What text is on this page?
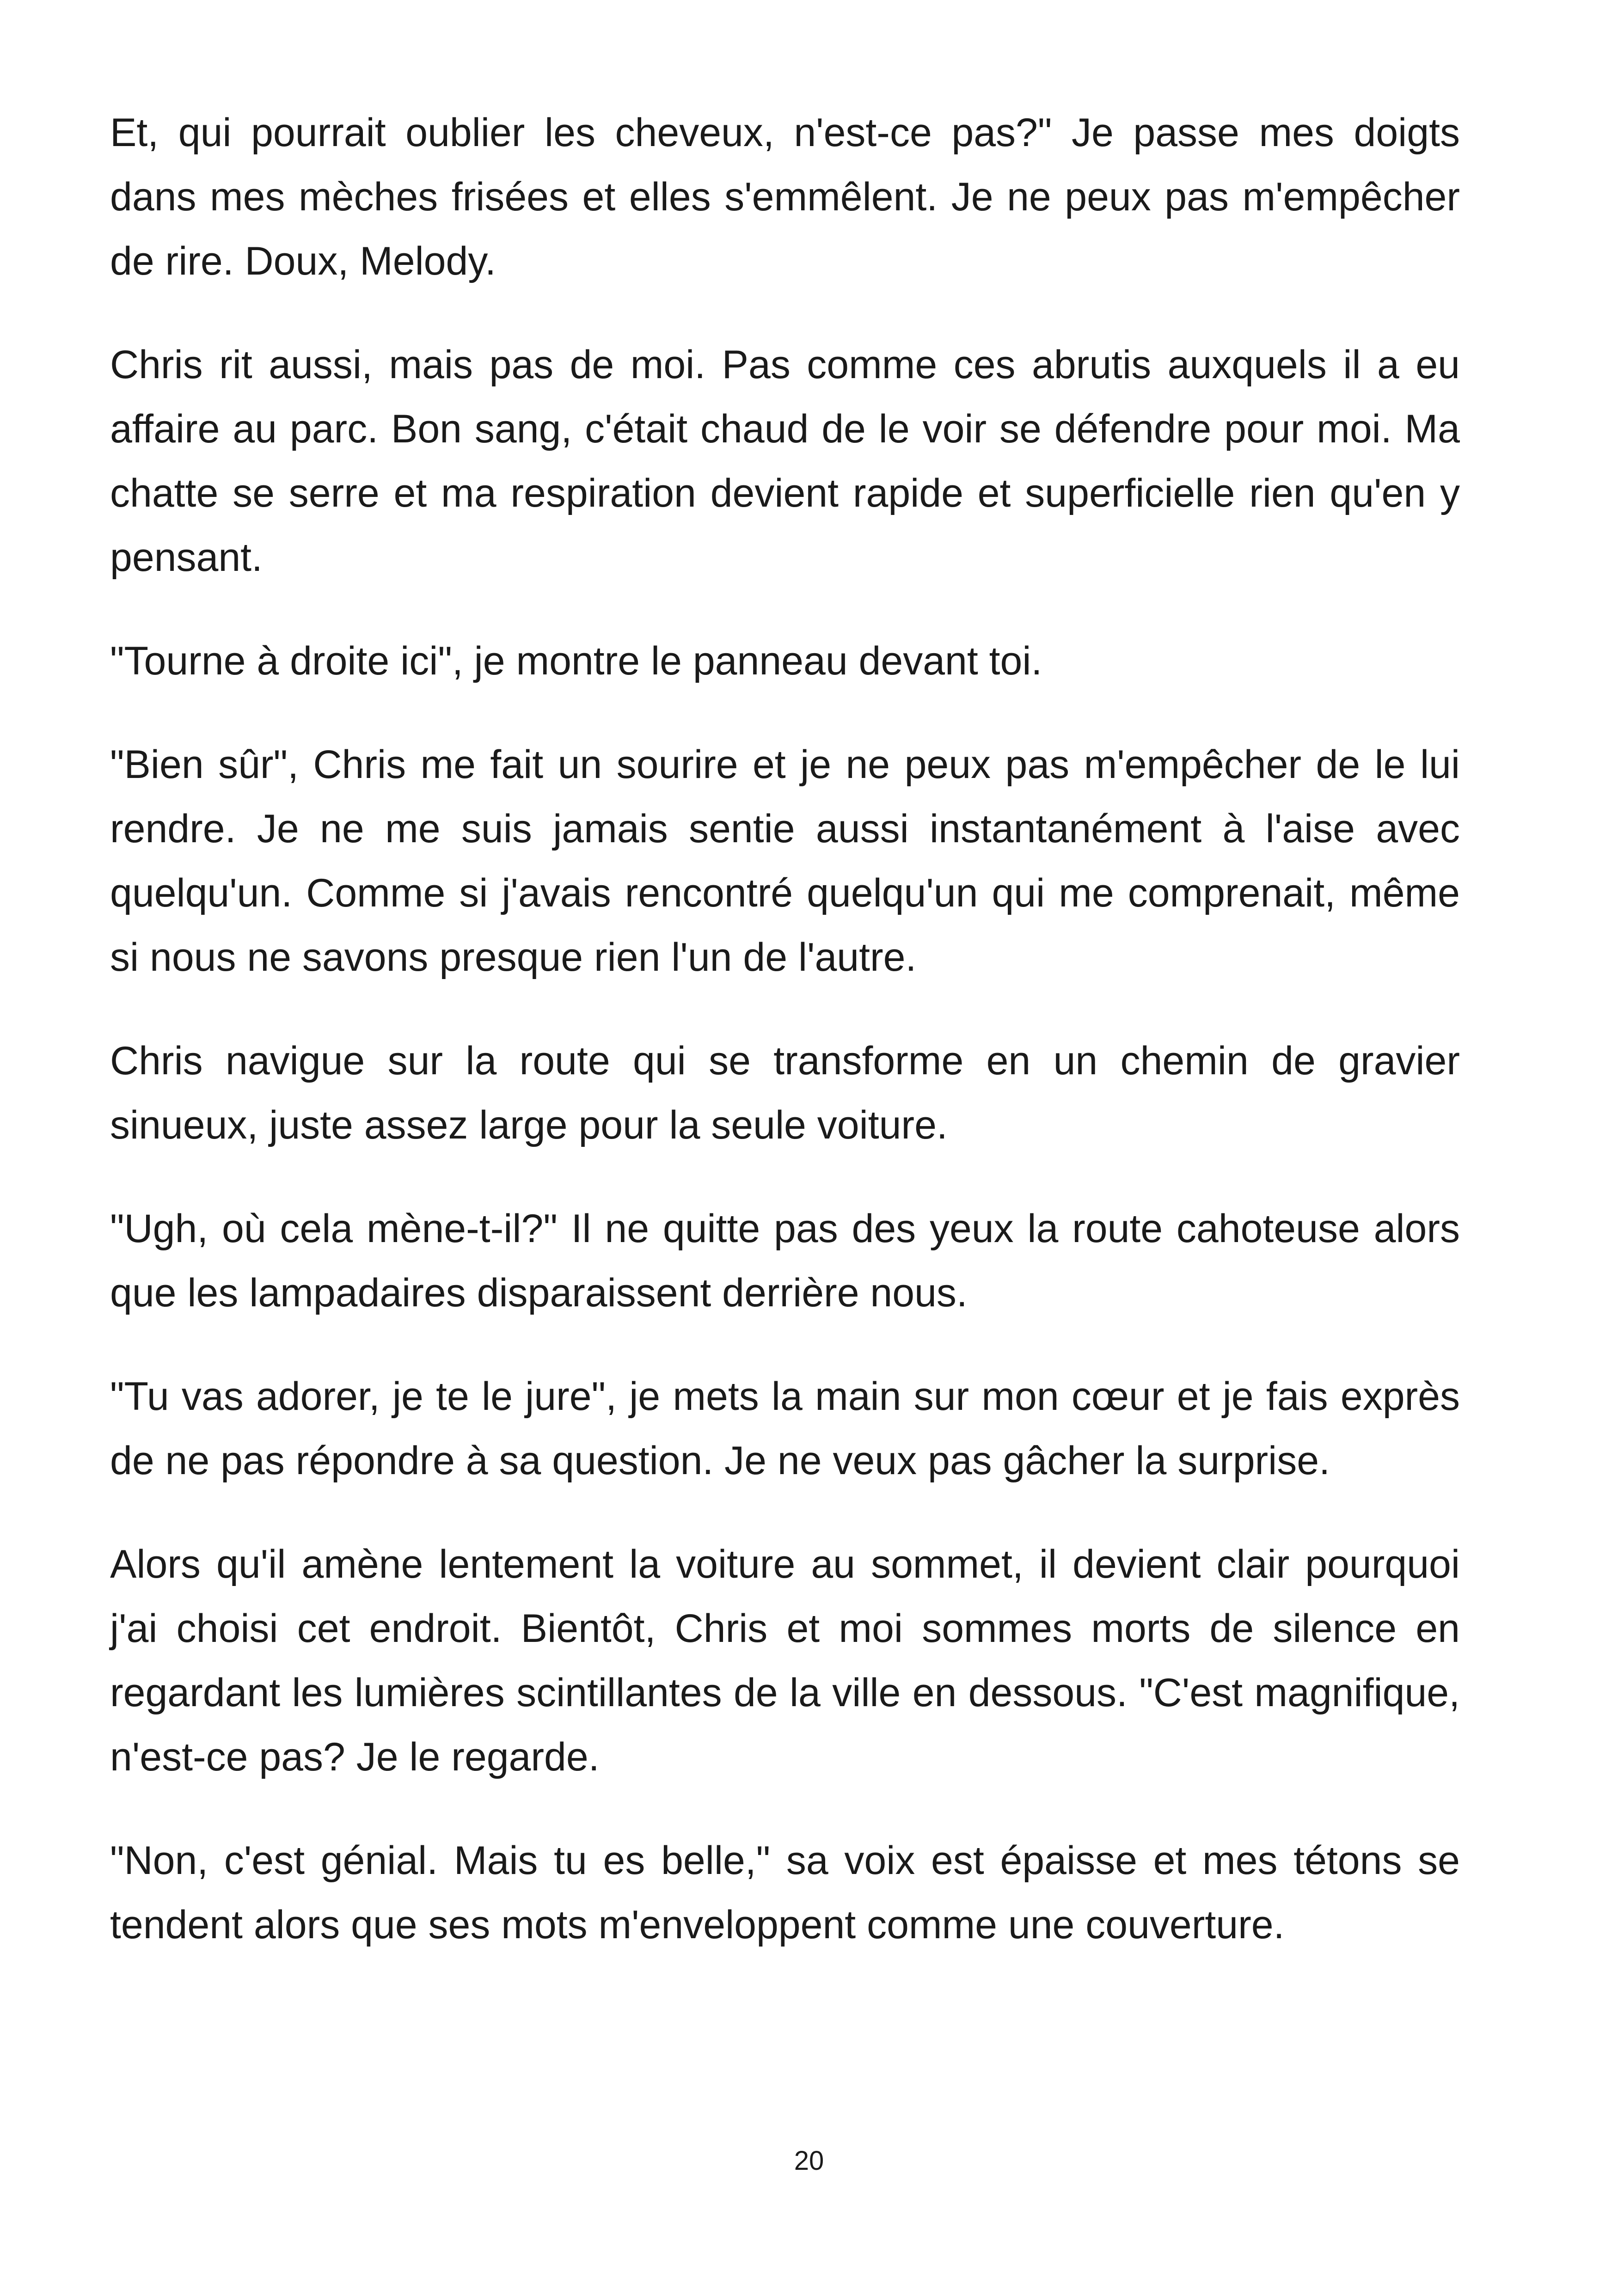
Et, qui pourrait oublier les cheveux, n'est-ce pas?" Je passe mes doigts dans mes mèches frisées et elles s'emmêlent. Je ne peux pas m'empêcher de rire. Doux, Melody.

Chris rit aussi, mais pas de moi. Pas comme ces abrutis auxquels il a eu affaire au parc. Bon sang, c'était chaud de le voir se défendre pour moi. Ma chatte se serre et ma respiration devient rapide et superficielle rien qu'en y pensant.

"Tourne à droite ici", je montre le panneau devant toi.

"Bien sûr", Chris me fait un sourire et je ne peux pas m'empêcher de le lui rendre. Je ne me suis jamais sentie aussi instantanément à l'aise avec quelqu'un. Comme si j'avais rencontré quelqu'un qui me comprenait, même si nous ne savons presque rien l'un de l'autre.

Chris navigue sur la route qui se transforme en un chemin de gravier sinueux, juste assez large pour la seule voiture.

"Ugh, où cela mène-t-il?" Il ne quitte pas des yeux la route cahoteuse alors que les lampadaires disparaissent derrière nous.

"Tu vas adorer, je te le jure", je mets la main sur mon cœur et je fais exprès de ne pas répondre à sa question. Je ne veux pas gâcher la surprise.

Alors qu'il amène lentement la voiture au sommet, il devient clair pourquoi j'ai choisi cet endroit. Bientôt, Chris et moi sommes morts de silence en regardant les lumières scintillantes de la ville en dessous. "C'est magnifique, n'est-ce pas? Je le regarde.

"Non, c'est génial. Mais tu es belle," sa voix est épaisse et mes tétons se tendent alors que ses mots m'enveloppent comme une couverture.

20
